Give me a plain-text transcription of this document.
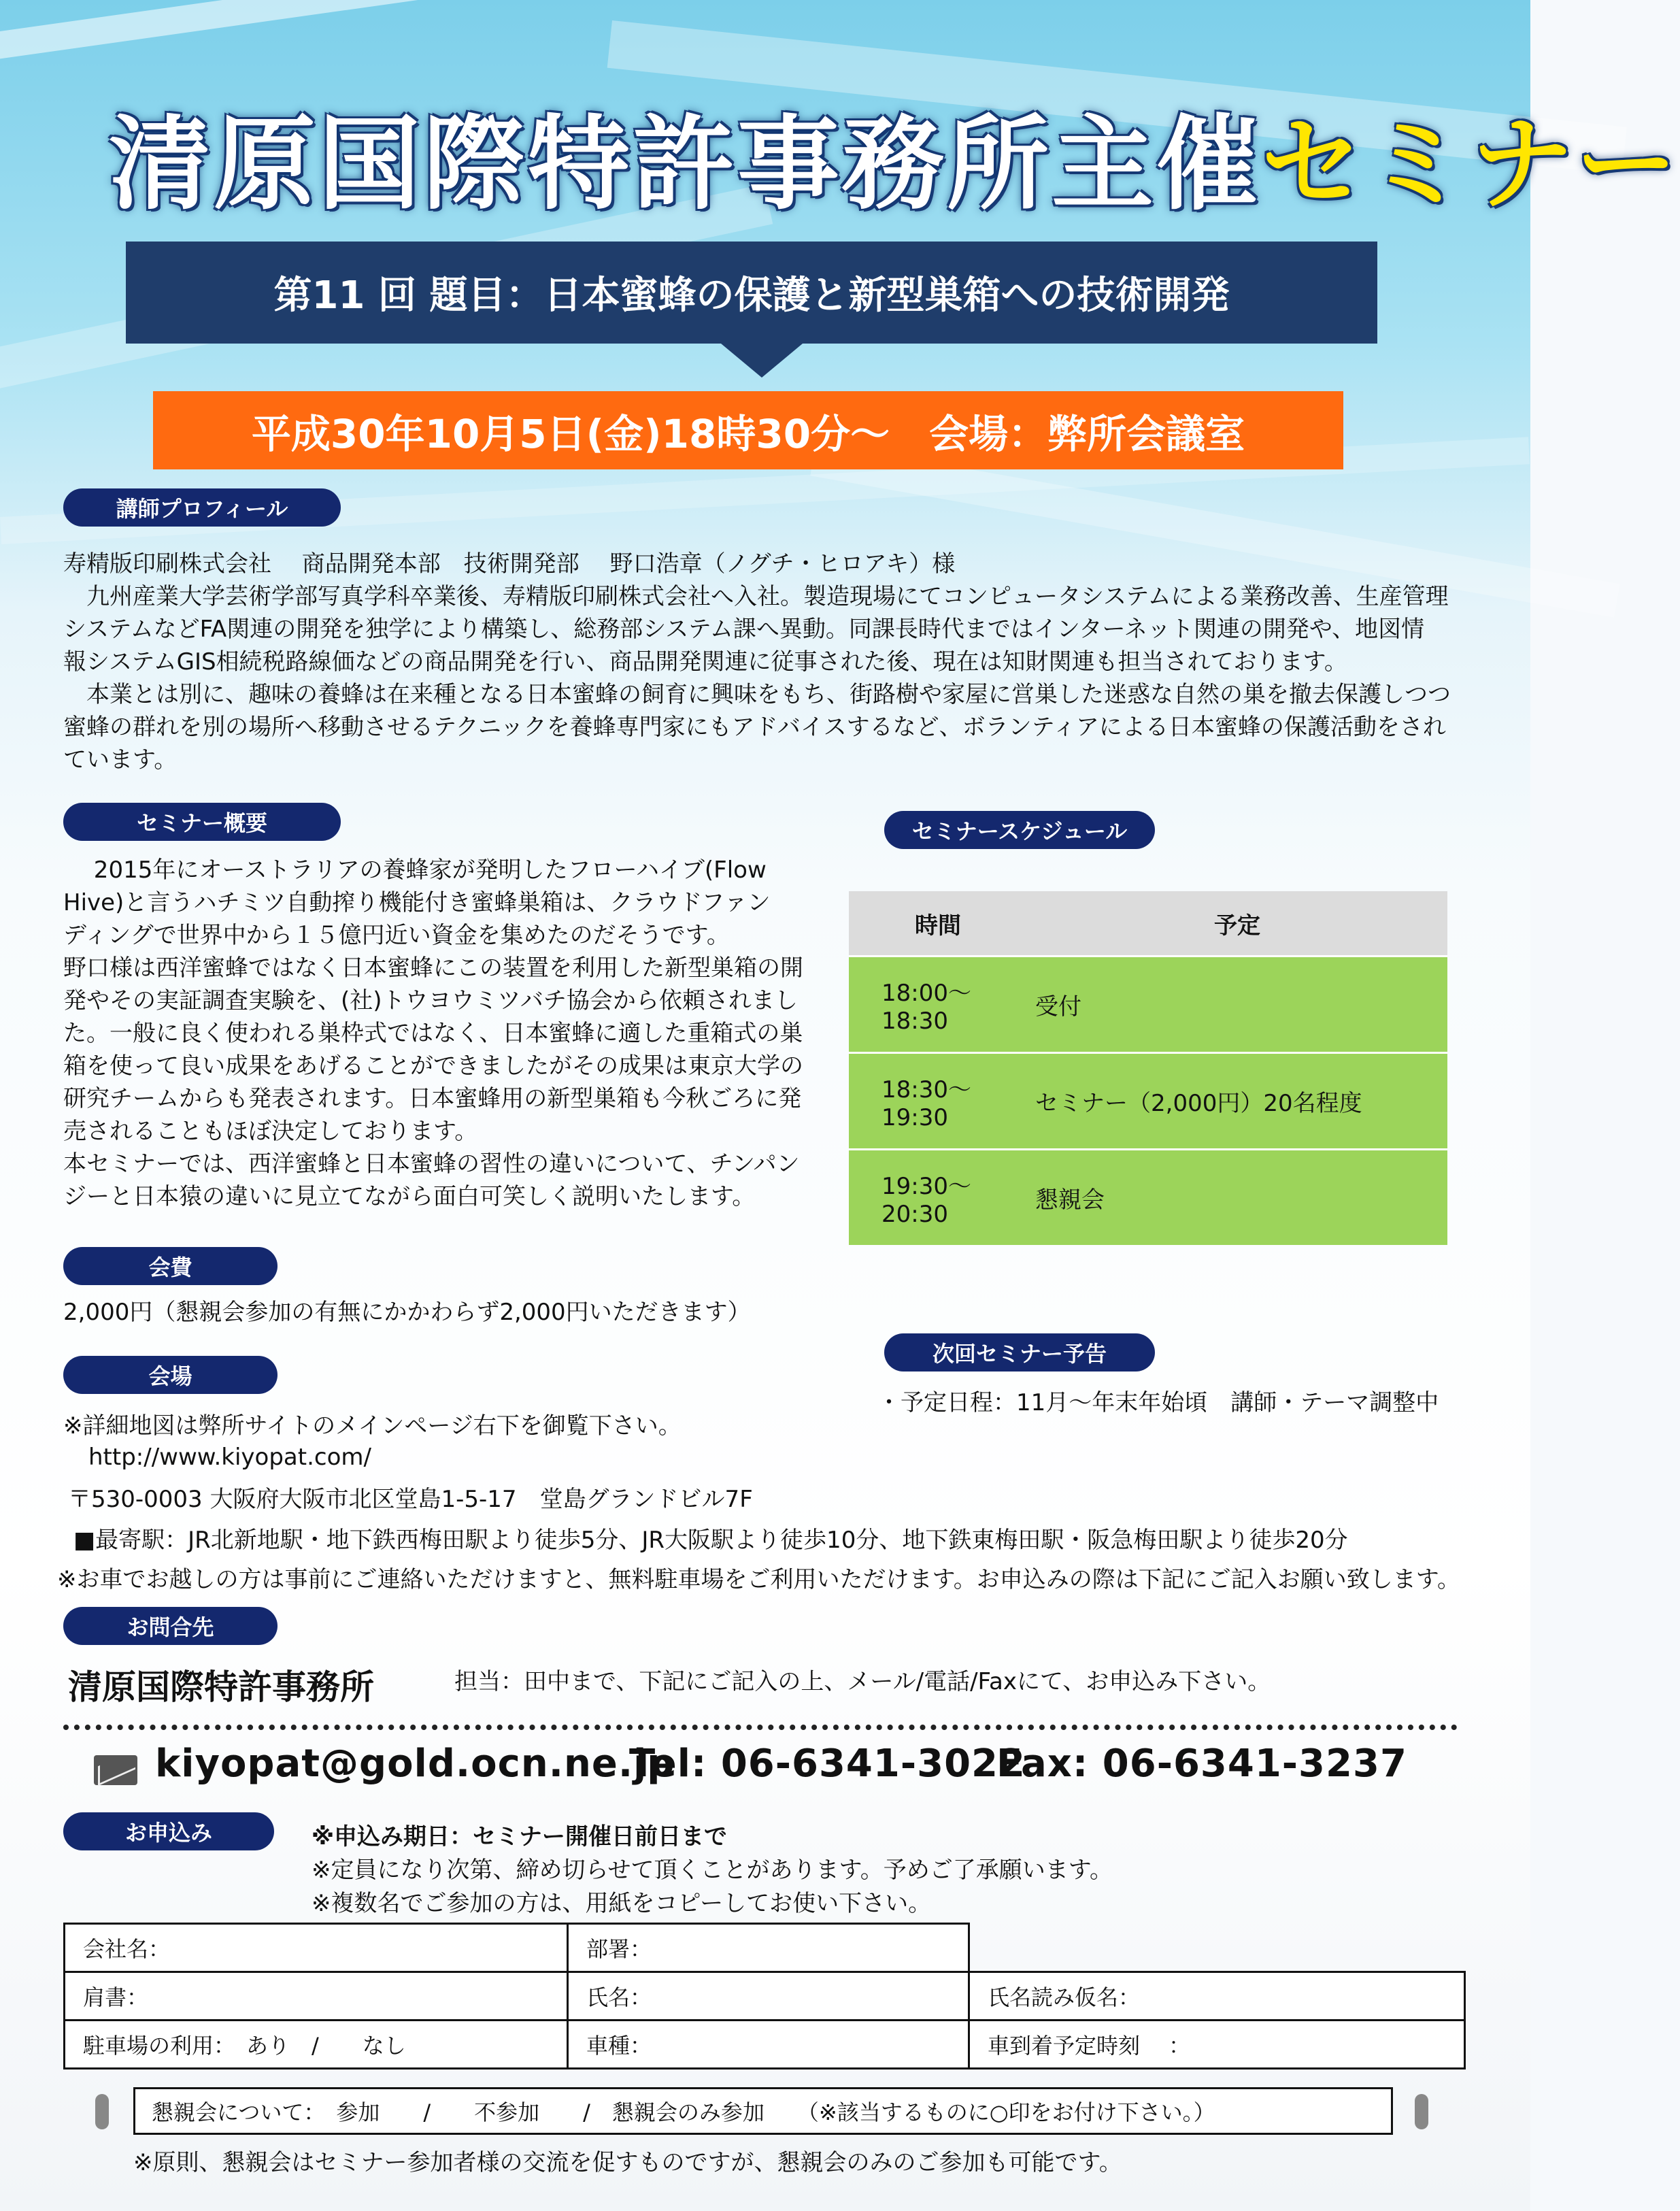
清原国際特許事務所主催セミナー
第11 回 題目：日本蜜蜂の保護と新型巣箱への技術開発
平成30年10月5日(金)18時30分～　会場：弊所会議室
講師プロフィール
寿精版印刷株式会社　 商品開発本部　技術開発部　 野口浩章（ノグチ・ヒロアキ）様
　九州産業大学芸術学部写真学科卒業後、寿精版印刷株式会社へ入社。製造現場にてコンピュータシステムによる業務改善、生産管理
システムなどFA関連の開発を独学により構築し、総務部システム課へ異動。同課長時代まではインターネット関連の開発や、地図情
報システムGIS相続税路線価などの商品開発を行い、商品開発関連に従事された後、現在は知財関連も担当されております。
　本業とは別に、趣味の養蜂は在来種となる日本蜜蜂の飼育に興味をもち、街路樹や家屋に営巣した迷惑な自然の巣を撤去保護しつつ
蜜蜂の群れを別の場所へ移動させるテクニックを養蜂専門家にもアドバイスするなど、ボランティアによる日本蜜蜂の保護活動をされ
ています。
セミナー概要
　 2015年にオーストラリアの養蜂家が発明したフローハイブ(Flow
Hive)と言うハチミツ自動搾り機能付き蜜蜂巣箱は、クラウドファン
ディングで世界中から１５億円近い資金を集めたのだそうです。
野口様は西洋蜜蜂ではなく日本蜜蜂にこの装置を利用した新型巣箱の開
発やその実証調査実験を、(社)トウヨウミツバチ協会から依頼されまし
た。一般に良く使われる巣枠式ではなく、日本蜜蜂に適した重箱式の巣
箱を使って良い成果をあげることができましたがその成果は東京大学の
研究チームからも発表されます。日本蜜蜂用の新型巣箱も今秋ごろに発
売されることもほぼ決定しております。
本セミナーでは、西洋蜜蜂と日本蜜蜂の習性の違いについて、チンパン
ジーと日本猿の違いに見立てながら面白可笑しく説明いたします。
セミナースケジュール
時間	予定

18:00～
18:30	受付

18:30～
19:30	セミナー（2,000円）20名程度

19:30～
20:30	懇親会
会費
2,000円（懇親会参加の有無にかかわらず2,000円いただきます）
次回セミナー予告
・予定日程：11月～年末年始頃　講師・テーマ調整中
会場
※詳細地図は弊所サイトのメインページ右下を御覧下さい。
http://www.kiyopat.com/
〒530-0003 大阪府大阪市北区堂島1-5-17　堂島グランドビル7F
■最寄駅：JR北新地駅・地下鉄西梅田駅より徒歩5分、JR大阪駅より徒歩10分、地下鉄東梅田駅・阪急梅田駅より徒歩20分
※お車でお越しの方は事前にご連絡いただけますと、無料駐車場をご利用いただけます。お申込みの際は下記にご記入お願い致します。
お問合先
清原国際特許事務所	担当：田中まで、下記にご記入の上、メール/電話/Faxにて、お申込み下さい。
kiyopat@gold.ocn.ne.jp
Tel: 06-6341-3022
Fax: 06-6341-3237
お申込み	※申込み期日：セミナー開催日前日まで
※定員になり次第、締め切らせて頂くことがあります。予めご了承願います。
※複数名でご参加の方は、用紙をコピーしてお使い下さい。
会社名：	部署：	
肩書：	氏名：	氏名読み仮名：
駐車場の利用：　あり　/　　なし	車種：	車到着予定時刻　 ：
懇親会について：　参加　　/　　不参加　　/　懇親会のみ参加　　（※該当するものに○印をお付け下さい。）
※原則、懇親会はセミナー参加者様の交流を促すものですが、懇親会のみのご参加も可能です。
